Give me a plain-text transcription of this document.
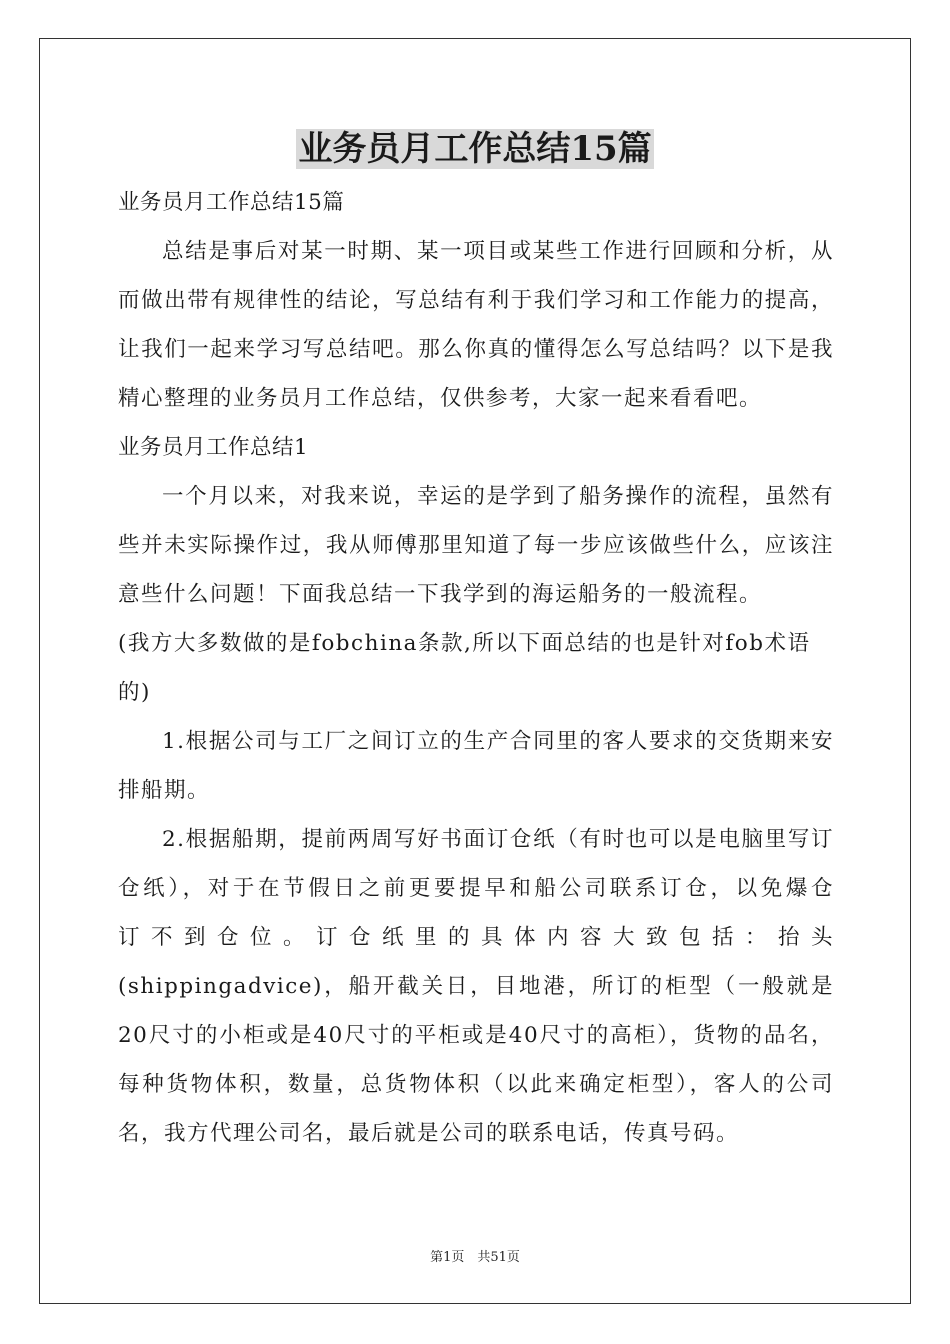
业务员月工作总结15篇

业务员月工作总结15篇

总结是事后对某一时期、某一项目或某些工作进行回顾和分析，从而做出带有规律性的结论，写总结有利于我们学习和工作能力的提高，让我们一起来学习写总结吧。那么你真的懂得怎么写总结吗？以下是我精心整理的业务员月工作总结，仅供参考，大家一起来看看吧。

业务员月工作总结1

一个月以来，对我来说，幸运的是学到了船务操作的流程，虽然有些并未实际操作过，我从师傅那里知道了每一步应该做些什么，应该注意些什么问题！下面我总结一下我学到的海运船务的一般流程。

(我方大多数做的是fobchina条款,所以下面总结的也是针对fob术语的)

1.根据公司与工厂之间订立的生产合同里的客人要求的交货期来安排船期。

2.根据船期，提前两周写好书面订仓纸（有时也可以是电脑里写订仓纸），对于在节假日之前更要提早和船公司联系订仓，以免爆仓

订不到仓位。订仓纸里的具体内容大致包括：抬头(shippingadvice)，船开截关日，目地港，所订的柜型（一般就是20尺寸的小柜或是40尺寸的平柜或是40尺寸的高柜），货物的品名，每种货物体积，数量，总货物体积（以此来确定柜型），客人的公司名，我方代理公司名，最后就是公司的联系电话，传真号码。

第1页　共51页
